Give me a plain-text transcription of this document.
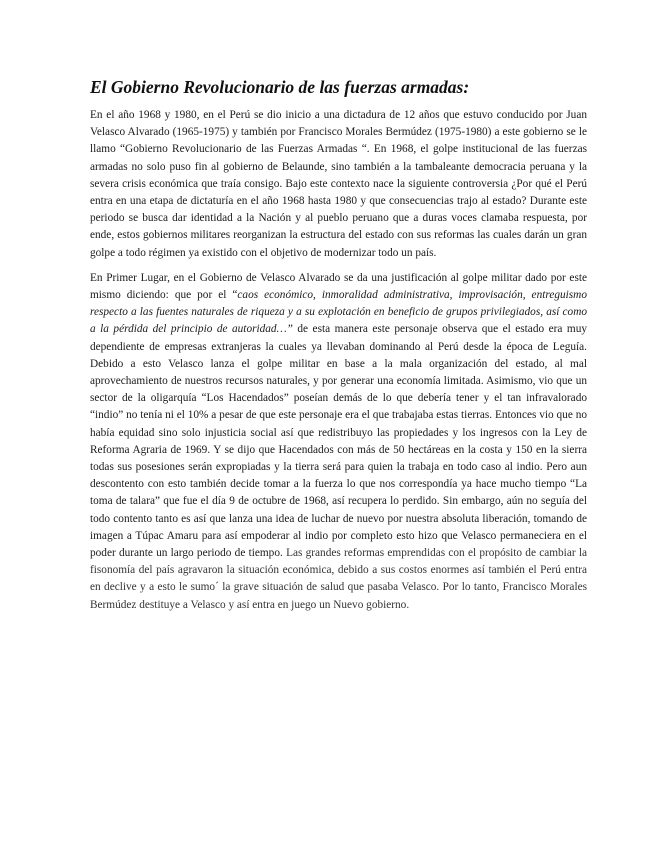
El Gobierno Revolucionario de las fuerzas armadas:

En el año 1968 y 1980, en el Perú se dio inicio a una dictadura de 12 años que estuvo conducido por Juan Velasco Alvarado (1965-1975) y también por Francisco Morales Bermúdez (1975-1980) a este gobierno se le llamo “Gobierno Revolucionario de las Fuerzas Armadas “. En 1968, el golpe institucional de las fuerzas armadas no solo puso fin al gobierno de Belaunde, sino también a la tambaleante democracia peruana y la severa crisis económica que traía consigo. Bajo este contexto nace la siguiente controversia ¿Por qué el Perú entra en una etapa de dictaturía en el año 1968 hasta 1980 y que consecuencias trajo al estado? Durante este periodo se busca dar identidad a la Nación y al pueblo peruano que a duras voces clamaba respuesta, por ende, estos gobiernos militares reorganizan la estructura del estado con sus reformas las cuales darán un gran golpe a todo régimen ya existido con el objetivo de modernizar todo un país.

En Primer Lugar, en el Gobierno de Velasco Alvarado se da una justificación al golpe militar dado por este mismo diciendo: que por el “caos económico, inmoralidad administrativa, improvisación, entreguismo respecto a las fuentes naturales de riqueza y a su explotación en beneficio de grupos privilegiados, así como a la pérdida del principio de autoridad…” de esta manera este personaje observa que el estado era muy dependiente de empresas extranjeras la cuales ya llevaban dominando al Perú desde la época de Leguía. Debido a esto Velasco lanza el golpe militar en base a la mala organización del estado, al mal aprovechamiento de nuestros recursos naturales, y por generar una economía limitada. Asimismo, vio que un sector de la oligarquía “Los Hacendados” poseían demás de lo que debería tener y el tan infravalorado “indio” no tenía ni el 10% a pesar de que este personaje era el que trabajaba estas tierras. Entonces vio que no había equidad sino solo injusticia social así que redistribuyo las propiedades y los ingresos con la Ley de Reforma Agraria de 1969. Y se dijo que Hacendados con más de 50 hectáreas en la costa y 150 en la sierra todas sus posesiones serán expropiadas y la tierra será para quien la trabaja en todo caso al indio. Pero aun descontento con esto también decide tomar a la fuerza lo que nos correspondía ya hace mucho tiempo “La toma de talara” que fue el día 9 de octubre de 1968, así recupera lo perdido. Sin embargo, aún no seguía del todo contento tanto es así que lanza una idea de luchar de nuevo por nuestra absoluta liberación, tomando de imagen a Túpac Amaru para así empoderar al indio por completo esto hizo que Velasco permaneciera en el poder durante un largo periodo de tiempo. Las grandes reformas emprendidas con el propósito de cambiar la fisonomía del país agravaron la situación económica, debido a sus costos enormes así también el Perú entra en declive y a esto le sumo´ la grave situación de salud que pasaba Velasco. Por lo tanto, Francisco Morales Bermúdez destituye a Velasco y así entra en juego un Nuevo gobierno.
